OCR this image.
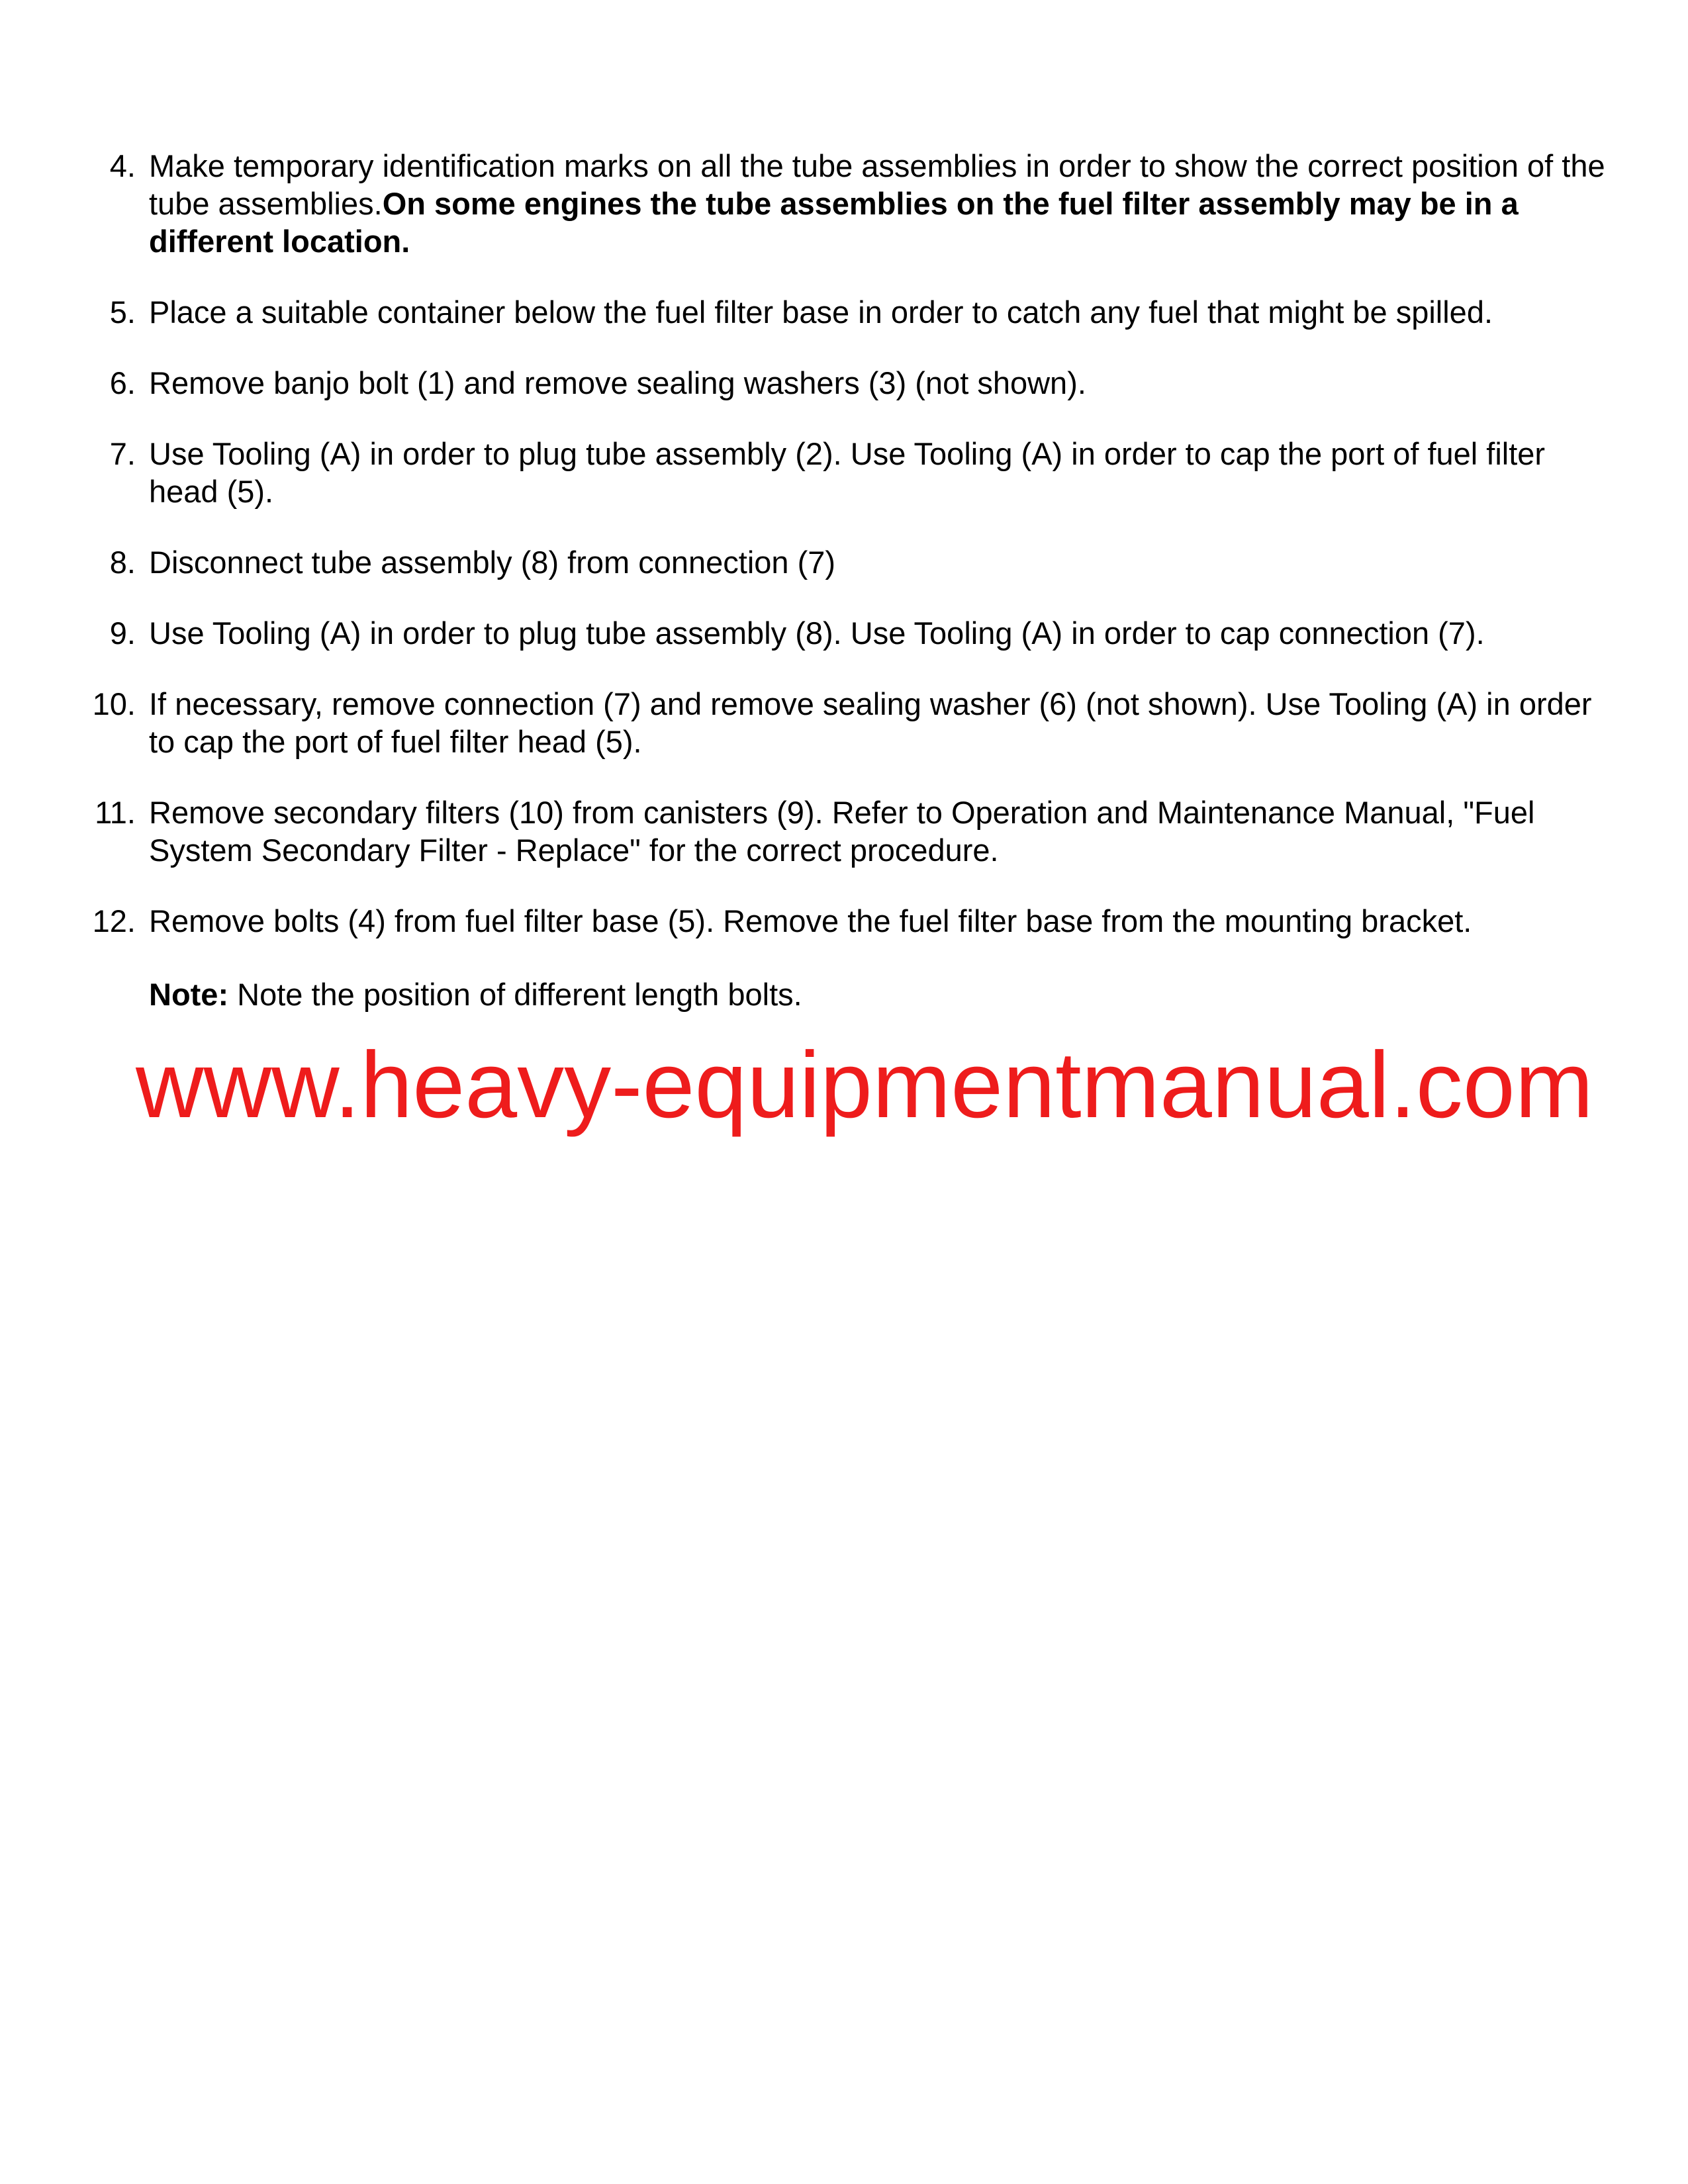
4. Make temporary identification marks on all the tube assemblies in order to show the correct position of the tube assemblies.On some engines the tube assemblies on the fuel filter assembly may be in a different location.
5. Place a suitable container below the fuel filter base in order to catch any fuel that might be spilled.
6. Remove banjo bolt (1) and remove sealing washers (3) (not shown).
7. Use Tooling (A) in order to plug tube assembly (2). Use Tooling (A) in order to cap the port of fuel filter head (5).
8. Disconnect tube assembly (8) from connection (7)
9. Use Tooling (A) in order to plug tube assembly (8). Use Tooling (A) in order to cap connection (7).
10. If necessary, remove connection (7) and remove sealing washer (6) (not shown). Use Tooling (A) in order to cap the port of fuel filter head (5).
11. Remove secondary filters (10) from canisters (9). Refer to Operation and Maintenance Manual, "Fuel System Secondary Filter - Replace" for the correct procedure.
12. Remove bolts (4) from fuel filter base (5). Remove the fuel filter base from the mounting bracket.
Note: Note the position of different length bolts.
www.heavy-equipmentmanual.com
